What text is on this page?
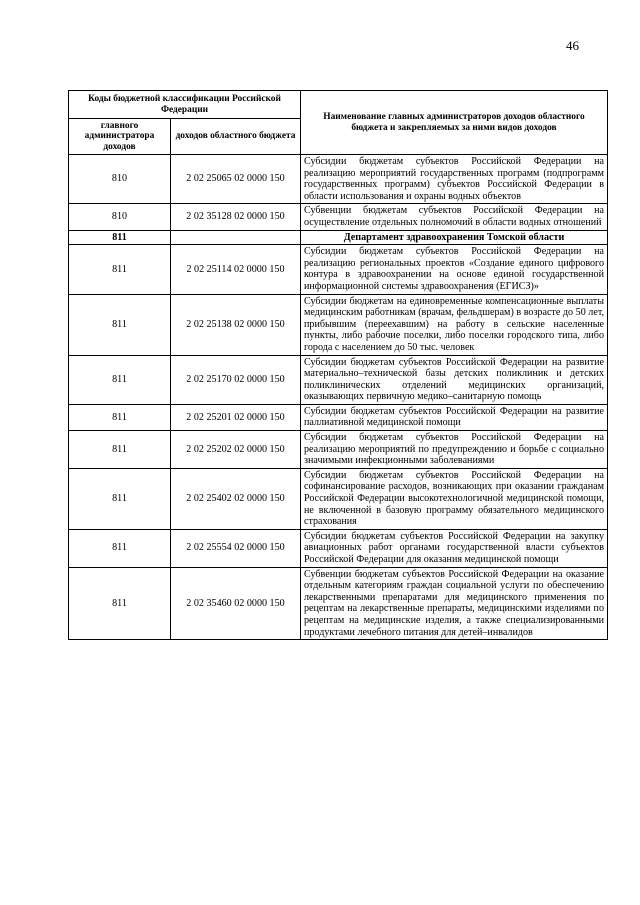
46
Коды бюджетной классификации Российской Федерации		Наименование главных администраторов доходов областного бюджета и закрепляемых за ними видов доходов
главного администратора доходов	доходов областного бюджета	
810	2 02 25065 02 0000 150	Субсидии бюджетам субъектов Российской Федерации на реализацию мероприятий государственных программ (подпрограмм государственных программ) субъектов Российской Федерации в области использования и охраны водных объектов
810	2 02 35128 02 0000 150	Субвенции бюджетам субъектов Российской Федерации на осуществление отдельных полномочий в области водных отношений
811		Департамент здравоохранения Томской области
811	2 02 25114 02 0000 150	Субсидии бюджетам субъектов Российской Федерации на реализацию региональных проектов «Создание единого цифрового контура в здравоохранении на основе единой государственной информационной системы здравоохранения (ЕГИСЗ)»
811	2 02 25138 02 0000 150	Субсидии бюджетам на единовременные компенсационные выплаты медицинским работникам (врачам, фельдшерам) в возрасте до 50 лет, прибывшим (переехавшим) на работу в сельские населенные пункты, либо рабочие поселки, либо поселки городского типа, либо города с населением до 50 тыс. человек
811	2 02 25170 02 0000 150	Субсидии бюджетам субъектов Российской Федерации на развитие материально–технической базы детских поликлиник и детских поликлинических отделений медицинских организаций, оказывающих первичную медико–санитарную помощь
811	2 02 25201 02 0000 150	Субсидии бюджетам субъектов Российской Федерации на развитие паллиативной медицинской помощи
811	2 02 25202 02 0000 150	Субсидии бюджетам субъектов Российской Федерации на реализацию мероприятий по предупреждению и борьбе с социально значимыми инфекционными заболеваниями
811	2 02 25402 02 0000 150	Субсидии бюджетам субъектов Российской Федерации на софинансирование расходов, возникающих при оказании гражданам Российской Федерации высокотехнологичной медицинской помощи, не включенной в базовую программу обязательного медицинского страхования
811	2 02 25554 02 0000 150	Субсидии бюджетам субъектов Российской Федерации на закупку авиационных работ органами государственной власти субъектов Российской Федерации для оказания медицинской помощи
811	2 02 35460 02 0000 150	Субвенции бюджетам субъектов Российской Федерации на оказание отдельным категориям граждан социальной услуги по обеспечению лекарственными препаратами для медицинского применения по рецептам на лекарственные препараты, медицинскими изделиями по рецептам на медицинские изделия, а также специализированными продуктами лечебного питания для детей–инвалидов
